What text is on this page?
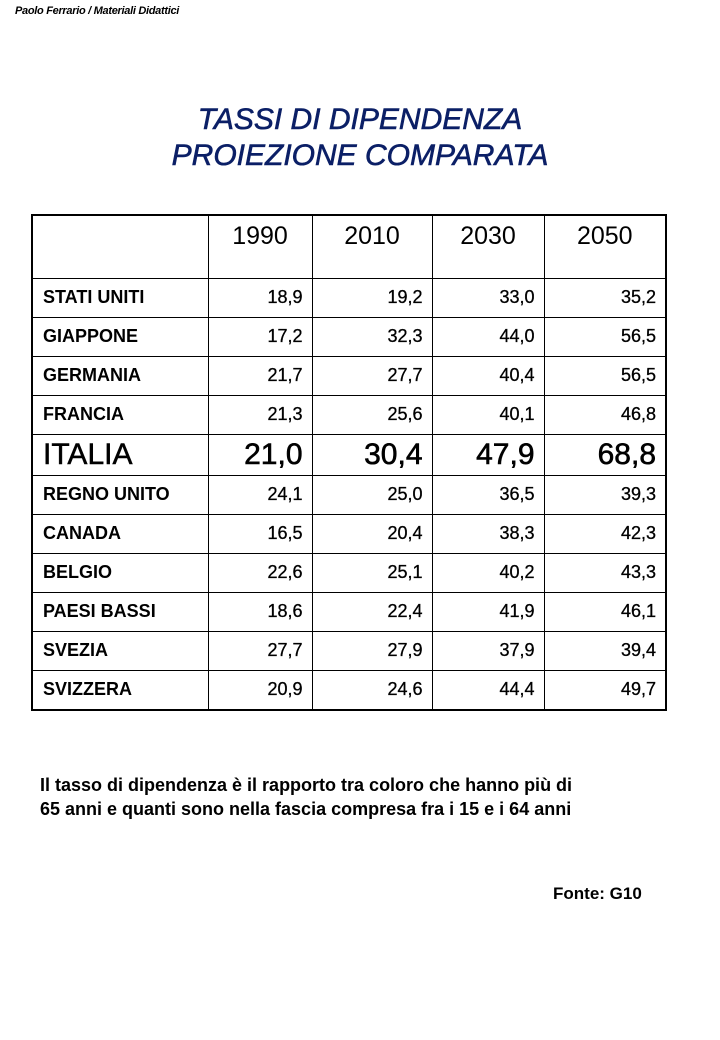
Paolo Ferrario / Materiali Didattici
TASSI DI DIPENDENZA
PROIEZIONE COMPARATA
	1990	2010	2030	2050
STATI UNITI	18,9	19,2	33,0	35,2
GIAPPONE	17,2	32,3	44,0	56,5
GERMANIA	21,7	27,7	40,4	56,5
FRANCIA	21,3	25,6	40,1	46,8
ITALIA	21,0	30,4	47,9	68,8
REGNO UNITO	24,1	25,0	36,5	39,3
CANADA	16,5	20,4	38,3	42,3
BELGIO	22,6	25,1	40,2	43,3
PAESI BASSI	18,6	22,4	41,9	46,1
SVEZIA	27,7	27,9	37,9	39,4
SVIZZERA	20,9	24,6	44,4	49,7
Il tasso di dipendenza è il rapporto tra coloro che hanno più di
65 anni e quanti sono nella fascia compresa fra i 15 e i 64 anni
Fonte: G10
